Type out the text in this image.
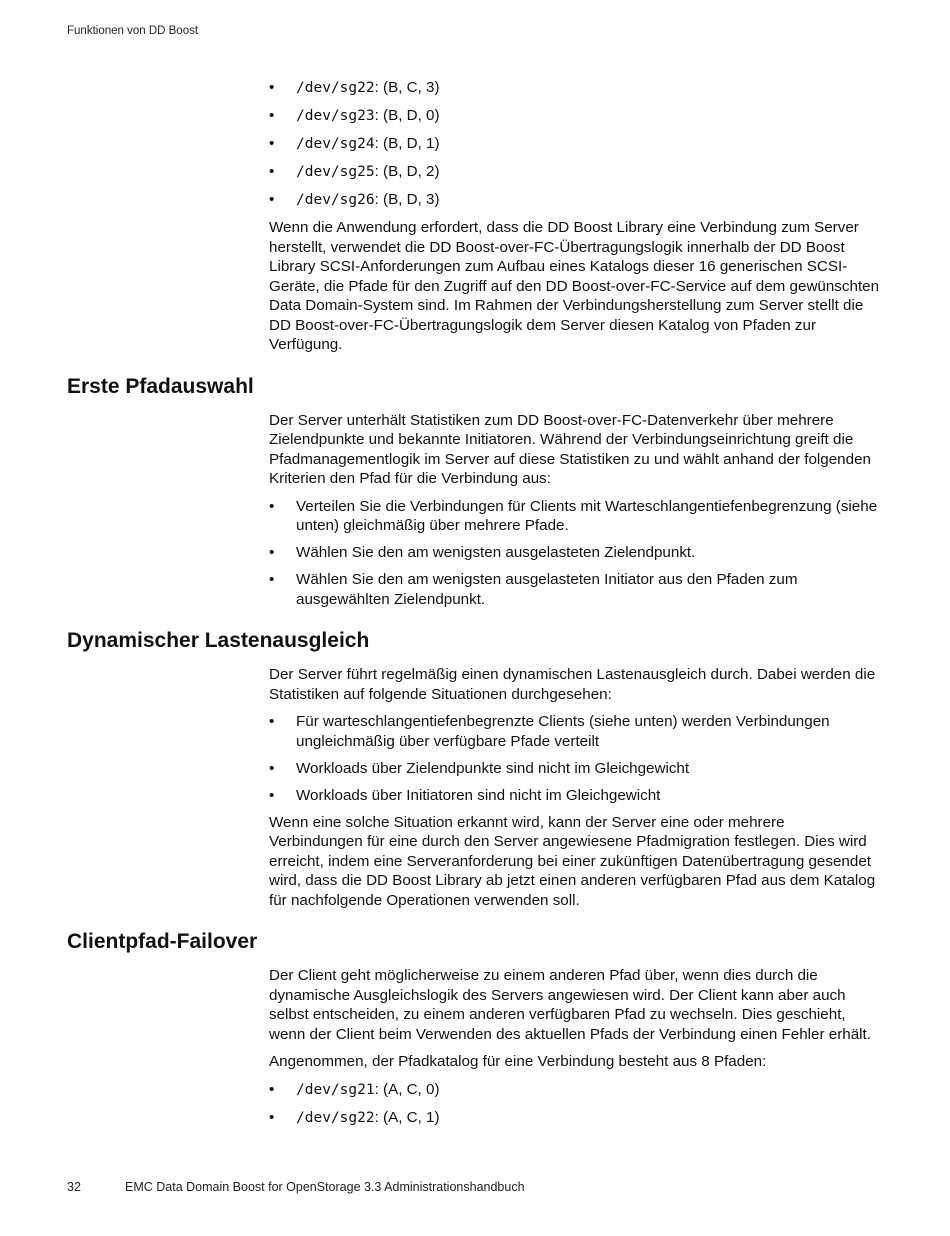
Funktionen von DD Boost
• /dev/sg22: (B, C, 3)
• /dev/sg23: (B, D, 0)
• /dev/sg24: (B, D, 1)
• /dev/sg25: (B, D, 2)
• /dev/sg26: (B, D, 3)

Wenn die Anwendung erfordert, dass die DD Boost Library eine Verbindung zum Server herstellt, verwendet die DD Boost-over-FC-Übertragungslogik innerhalb der DD Boost Library SCSI-Anforderungen zum Aufbau eines Katalogs dieser 16 generischen SCSI-Geräte, die Pfade für den Zugriff auf den DD Boost-over-FC-Service auf dem gewünschten Data Domain-System sind. Im Rahmen der Verbindungsherstellung zum Server stellt die DD Boost-over-FC-Übertragungslogik dem Server diesen Katalog von Pfaden zur Verfügung.

Erste Pfadauswahl

Der Server unterhält Statistiken zum DD Boost-over-FC-Datenverkehr über mehrere Zielendpunkte und bekannte Initiatoren. Während der Verbindungseinrichtung greift die Pfadmanagementlogik im Server auf diese Statistiken zu und wählt anhand der folgenden Kriterien den Pfad für die Verbindung aus:

• Verteilen Sie die Verbindungen für Clients mit Warteschlangentiefenbegrenzung (siehe unten) gleichmäßig über mehrere Pfade.
• Wählen Sie den am wenigsten ausgelasteten Zielendpunkt.
• Wählen Sie den am wenigsten ausgelasteten Initiator aus den Pfaden zum ausgewählten Zielendpunkt.
Dynamischer Lastenausgleich

Der Server führt regelmäßig einen dynamischen Lastenausgleich durch. Dabei werden die Statistiken auf folgende Situationen durchgesehen:

• Für warteschlangentiefenbegrenzte Clients (siehe unten) werden Verbindungen ungleichmäßig über verfügbare Pfade verteilt
• Workloads über Zielendpunkte sind nicht im Gleichgewicht
• Workloads über Initiatoren sind nicht im Gleichgewicht

Wenn eine solche Situation erkannt wird, kann der Server eine oder mehrere Verbindungen für eine durch den Server angewiesene Pfadmigration festlegen. Dies wird erreicht, indem eine Serveranforderung bei einer zukünftigen Datenübertragung gesendet wird, dass die DD Boost Library ab jetzt einen anderen verfügbaren Pfad aus dem Katalog für nachfolgende Operationen verwenden soll.

Clientpfad-Failover

Der Client geht möglicherweise zu einem anderen Pfad über, wenn dies durch die dynamische Ausgleichslogik des Servers angewiesen wird. Der Client kann aber auch selbst entscheiden, zu einem anderen verfügbaren Pfad zu wechseln. Dies geschieht, wenn der Client beim Verwenden des aktuellen Pfads der Verbindung einen Fehler erhält.

Angenommen, der Pfadkatalog für eine Verbindung besteht aus 8 Pfaden:

• /dev/sg21: (A, C, 0)
• /dev/sg22: (A, C, 1)
32	EMC Data Domain Boost for OpenStorage 3.3 Administrationshandbuch
